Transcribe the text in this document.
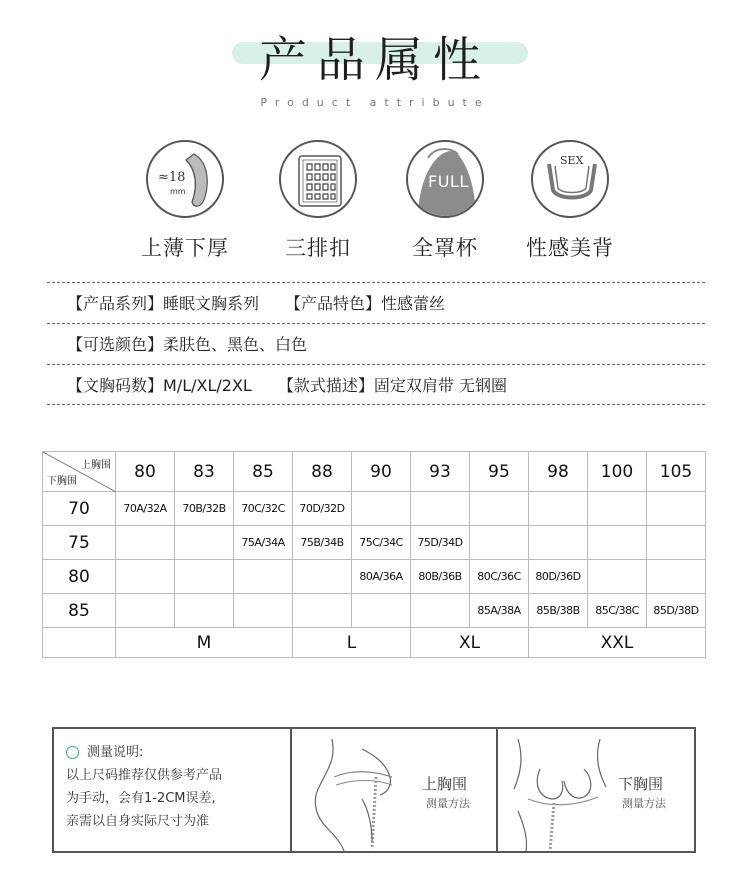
产品属性
Product attribute
≈18
mm
上薄下厚	三排扣
FULL
全罩杯
SEX
性感美背
【产品系列】睡眠文胸系列 【产品特色】性感蕾丝
【可选颜色】柔肤色、黑色、白色
【文胸码数】M/L/XL/2XL 【款式描述】固定双肩带 无钢圈
上胸围
下胸围	80	83	85	88	90	93	95	98	100	105
70	70A/32A	70B/32B	70C/32C	70D/32D						
75			75A/34A	75B/34B	75C/34C	75D/34D				
80					80A/36A	80B/36B	80C/36C	80D/36D		
85							85A/38A	85B/38B	85C/38C	85D/38D
	M			L		XL		XXL		
测量说明:
以上尺码推荐仅供参考产品
为手动，会有1-2CM误差,
亲需以自身实际尺寸为准
上胸围
测量方法
下胸围
测量方法
